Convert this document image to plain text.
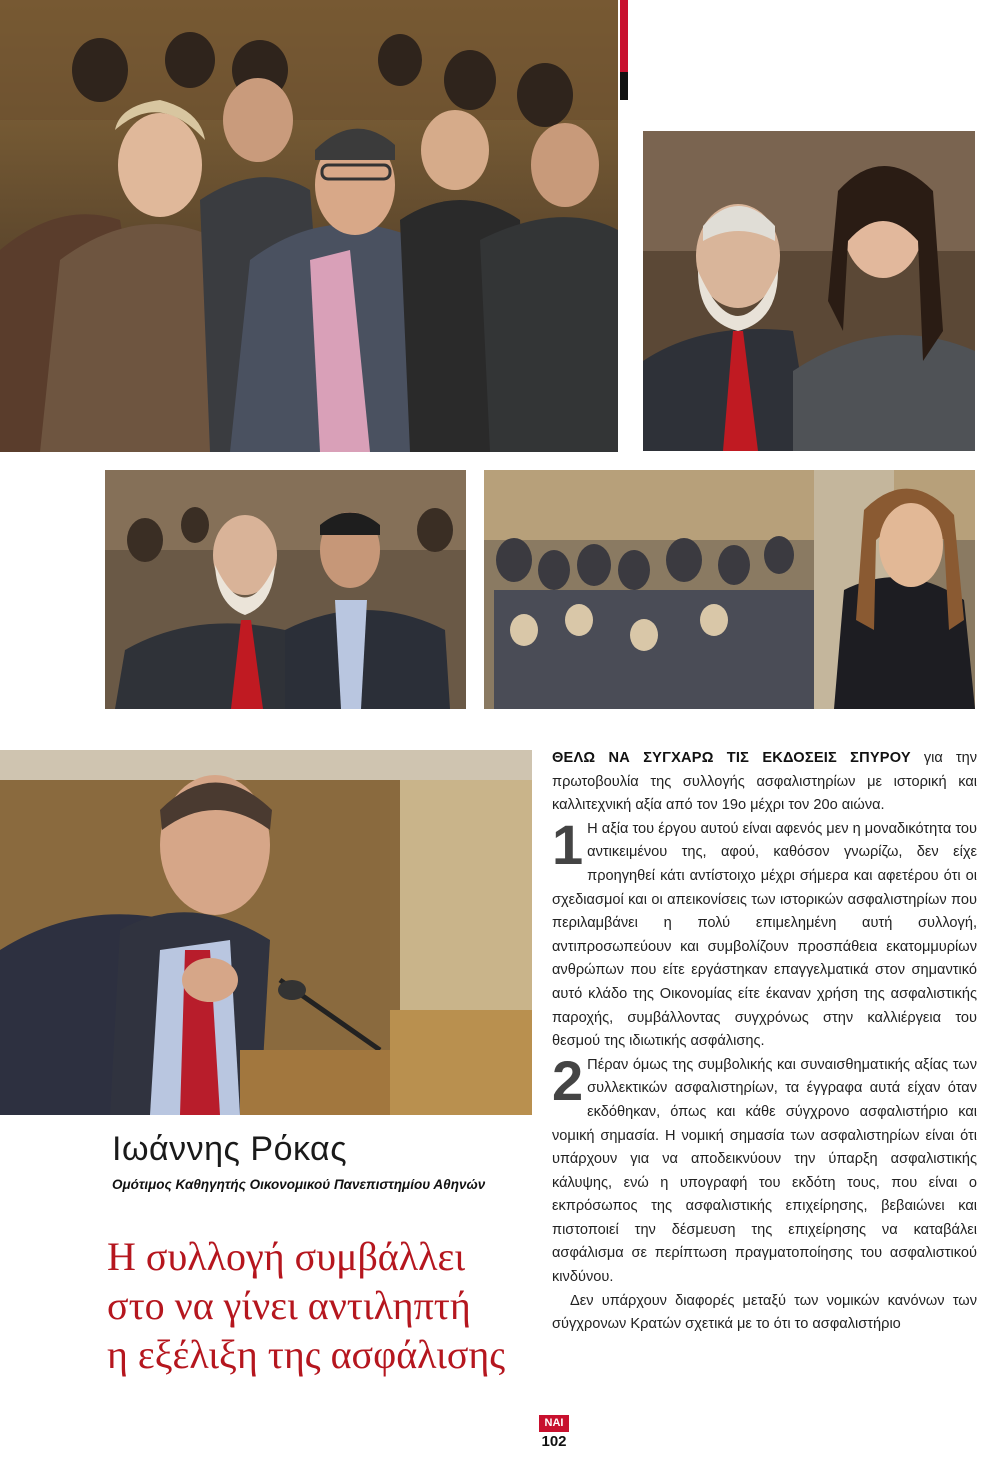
Ιωάννης Ρόκας
Ομότιμος Καθηγητής Οικονομικού Πανεπιστημίου Αθηνών
Η συλλογή συμβάλλει
στο να γίνει αντιληπτή
η εξέλιξη της ασφάλισης

ΘΕΛΩ ΝΑ ΣΥΓΧΑΡΩ ΤΙΣ ΕΚΔΟΣΕΙΣ ΣΠΥΡΟΥ για την πρωτοβουλία της συλλογής ασφαλιστηρίων με ιστορική και καλλιτεχνική αξία από τον 19ο μέχρι τον 20ο αιώνα.

1 Η αξία του έργου αυτού είναι αφενός μεν η μοναδικότητα του αντικειμένου της, αφού, καθόσον γνωρίζω, δεν είχε προηγηθεί κάτι αντίστοιχο μέχρι σήμερα και αφετέρου ότι οι σχεδιασμοί και οι απεικονίσεις των ιστορικών ασφαλιστηρίων που περιλαμβάνει η πολύ επιμελημένη αυτή συλλογή, αντιπροσωπεύουν και συμβολίζουν προσπάθεια εκατομμυρίων ανθρώπων που είτε εργάστηκαν επαγγελματικά στον σημαντικό αυτό κλάδο της Οικονομίας είτε έκαναν χρήση της ασφαλιστικής παροχής, συμβάλλοντας συγχρόνως στην καλλιέργεια του θεσμού της ιδιωτικής ασφάλισης.

2 Πέραν όμως της συμβολικής και συναισθηματικής αξίας των συλλεκτικών ασφαλιστηρίων, τα έγγραφα αυτά είχαν όταν εκδόθηκαν, όπως και κάθε σύγχρονο ασφαλιστήριο και νομική σημασία. Η νομική σημασία των ασφαλιστηρίων είναι ότι υπάρχουν για να αποδεικνύουν την ύπαρξη ασφαλιστικής κάλυψης, ενώ η υπογραφή του εκδότη τους, που είναι ο εκπρόσωπος της ασφαλιστικής επιχείρησης, βεβαιώνει και πιστοποιεί την δέσμευση της επιχείρησης να καταβάλει ασφάλισμα σε περίπτωση πραγματοποίησης του ασφαλιστικού κινδύνου.

Δεν υπάρχουν διαφορές μεταξύ των νομικών κανόνων των σύγχρονων Κρατών σχετικά με το ότι το ασφαλιστήριο

ΝΑΙ
102
